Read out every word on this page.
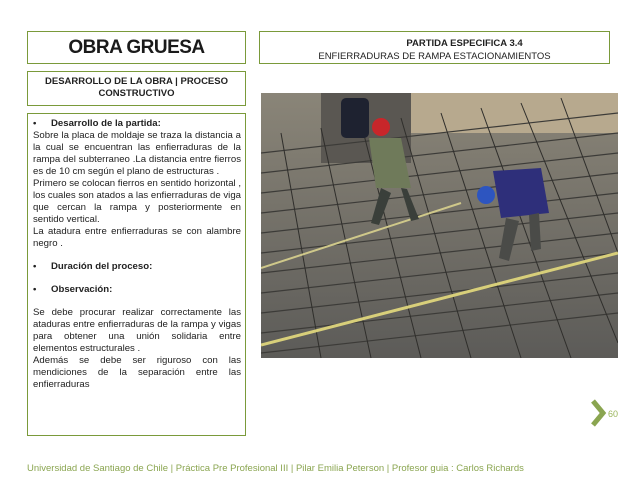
OBRA GRUESA	PARTIDA ESPECIFICA 3.4
ENFIERRADURAS DE RAMPA ESTACIONAMIENTOS
DESARROLLO DE LA OBRA | PROCESO
CONSTRUCTIVO
•	Desarrollo de la partida:

Sobre la placa de moldaje se traza la distancia a la cual se encuentran las enfierraduras de la rampa del subterraneo .La distancia entre fierros es de 10 cm según el plano de estructuras .

Primero se colocan fierros en sentido horizontal , los cuales son atados a las enfierraduras de viga que cercan la rampa y posteriormente en sentido vertical.

La atadura entre enfierraduras se con alambre negro .

•	Duración del proceso:
•	Observación:

Se debe procurar realizar correctamente las ataduras entre enfierraduras de la rampa y vigas para obtener una unión solidaria entre elementos estructurales .

Además se debe ser riguroso con las mendiciones de la separación entre las enfierraduras

60
Universidad de Santiago de Chile | Práctica Pre Profesional III | Pilar Emilia Peterson | Profesor guia : Carlos Richards
